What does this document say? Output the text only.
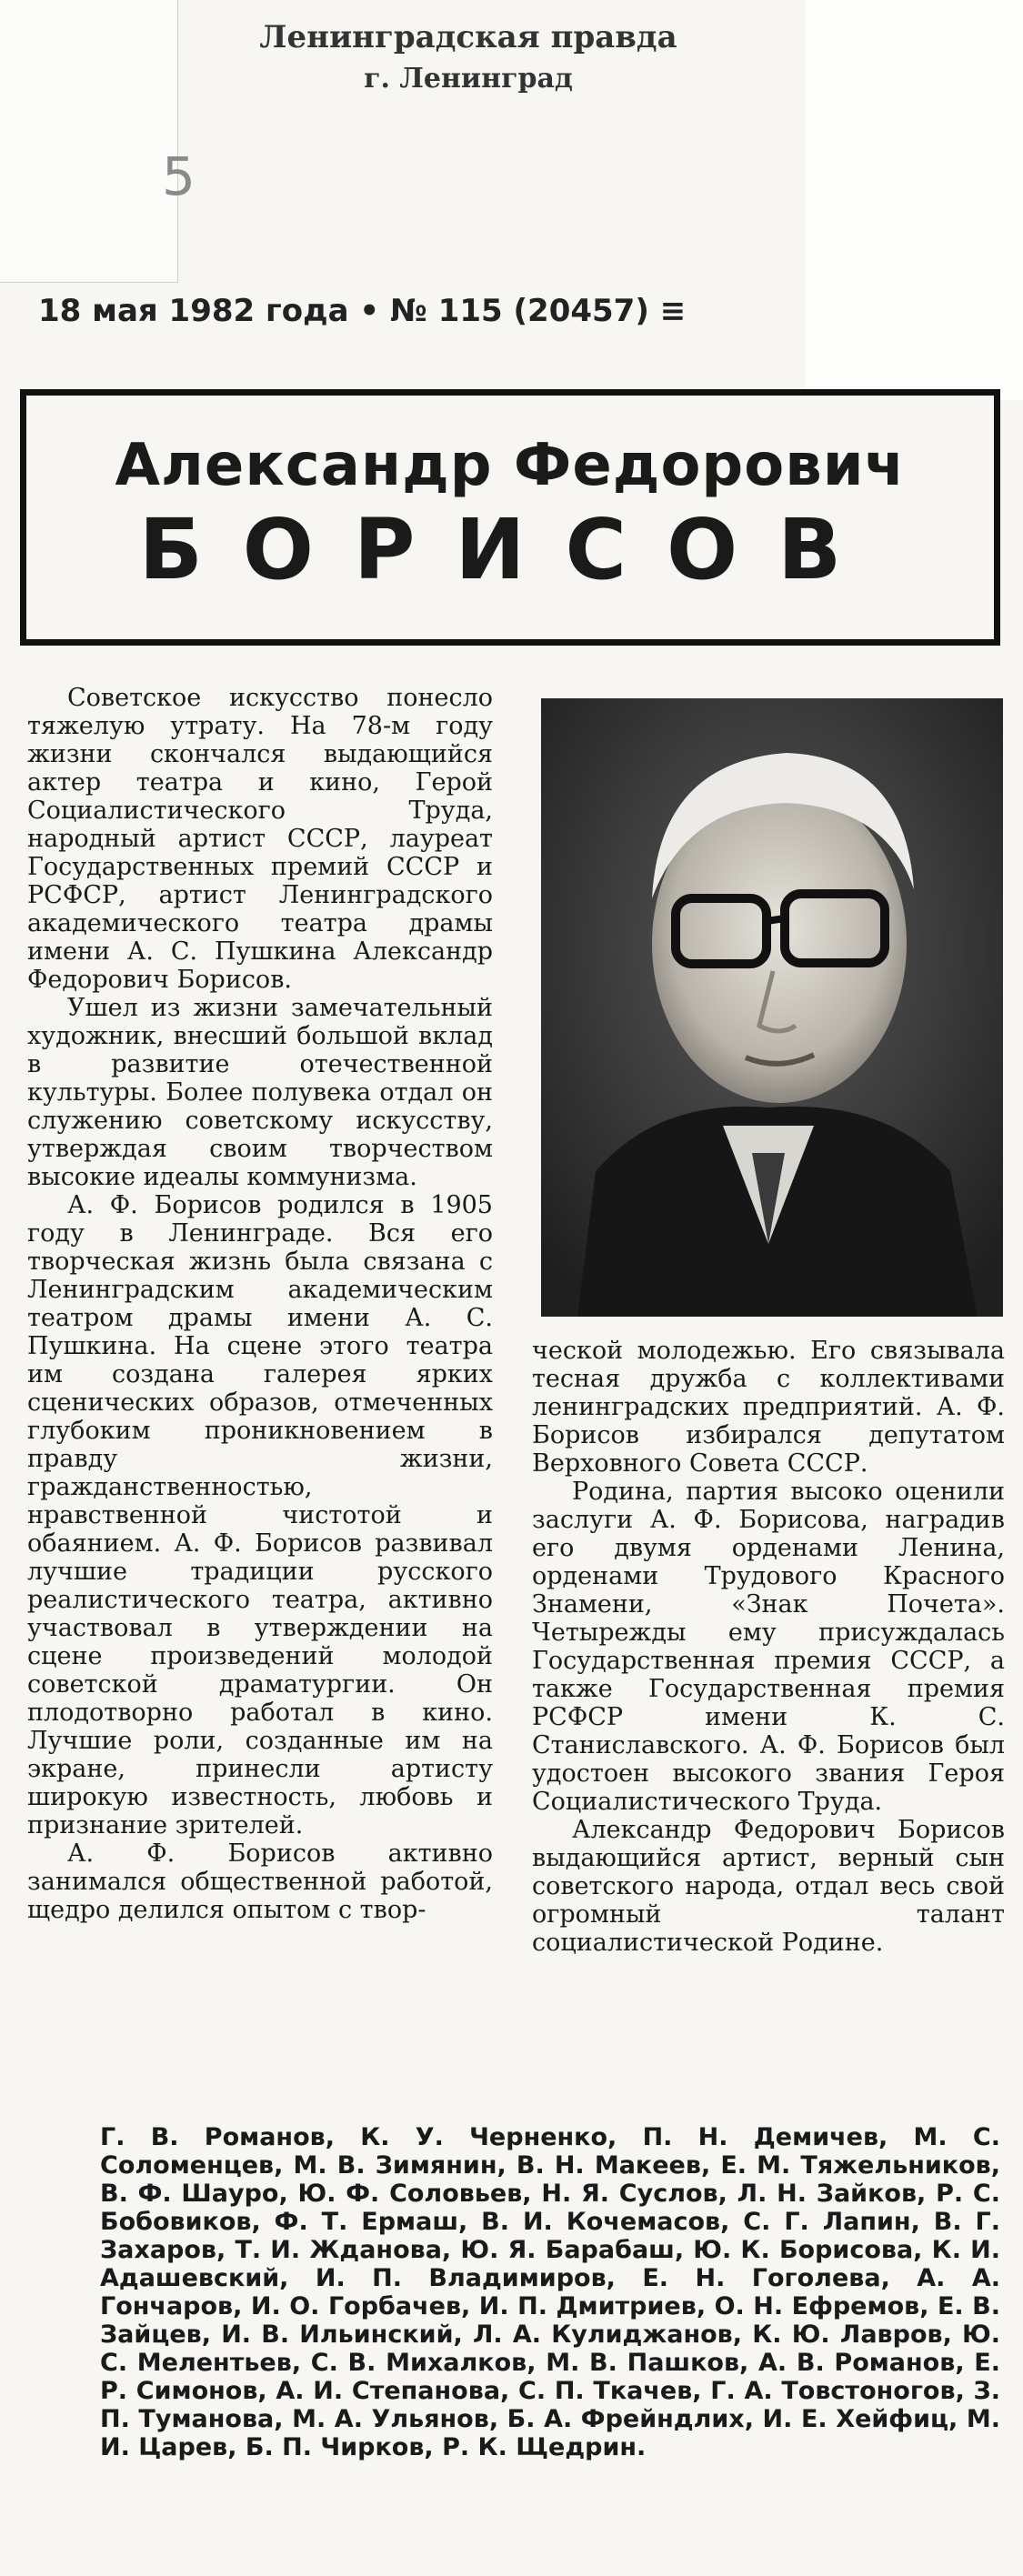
Ленинградская правда
г. Ленинград
5
18 мая 1982 года • № 115 (20457) ≡
Александр Федорович
БОРИСОВ

Советское искусство понесло тяжелую утрату. На 78-м году жизни скончался выдающийся актер театра и кино, Герой Социалистического Труда, народный артист СССР, лауреат Государственных премий СССР и РСФСР, артист Ленинградского академического театра драмы имени А. С. Пушкина Александр Федорович Борисов.

Ушел из жизни замечательный художник, внесший большой вклад в развитие отечественной культуры. Более полувека отдал он служению советскому искусству, утверждая своим творчеством высокие идеалы коммунизма.

А. Ф. Борисов родился в 1905 году в Ленинграде. Вся его творческая жизнь была связана с Ленинградским академическим театром драмы имени А. С. Пушкина. На сцене этого театра им создана галерея ярких сценических образов, отмеченных глубоким проникновением в правду жизни, гражданственностью, нравственной чистотой и обаянием. А. Ф. Борисов развивал лучшие традиции русского реалистического театра, активно участвовал в утверждении на сцене произведений молодой советской драматургии. Он плодотворно работал в кино. Лучшие роли, созданные им на экране, принесли артисту широкую известность, любовь и признание зрителей.

А. Ф. Борисов активно занимался общественной работой, щедро делился опытом с твор-

ческой молодежью. Его связывала тесная дружба с коллективами ленинградских предприятий. А. Ф. Борисов избирался депутатом Верховного Совета СССР.

Родина, партия высоко оценили заслуги А. Ф. Борисова, наградив его двумя орденами Ленина, орденами Трудового Красного Знамени, «Знак Почета». Четырежды ему присуждалась Государственная премия СССР, а также Государственная премия РСФСР имени К. С. Станиславского. А. Ф. Борисов был удостоен высокого звания Героя Социалистического Труда.

Александр Федорович Борисов выдающийся артист, верный сын советского народа, отдал весь свой огромный талант социалистической Родине.

Г. В. Романов, К. У. Черненко, П. Н. Демичев, М. С. Соломенцев, М. В. Зимянин, В. Н. Макеев, Е. М. Тяжельников, В. Ф. Шауро, Ю. Ф. Соловьев, Н. Я. Суслов, Л. Н. Зайков, Р. С. Бобовиков, Ф. Т. Ермаш, В. И. Кочемасов, С. Г. Лапин, В. Г. Захаров, Т. И. Жданова, Ю. Я. Барабаш, Ю. К. Борисова, К. И. Адашевский, И. П. Владимиров, Е. Н. Гоголева, А. А. Гончаров, И. О. Горбачев, И. П. Дмитриев, О. Н. Ефремов, Е. В. Зайцев, И. В. Ильинский, Л. А. Кулиджанов, К. Ю. Лавров, Ю. С. Мелентьев, С. В. Михалков, М. В. Пашков, А. В. Романов, Е. Р. Симонов, А. И. Степанова, С. П. Ткачев, Г. А. Товстоногов, З. П. Туманова, М. А. Ульянов, Б. А. Фрейндлих, И. Е. Хейфиц, М. И. Царев, Б. П. Чирков, Р. К. Щедрин.
